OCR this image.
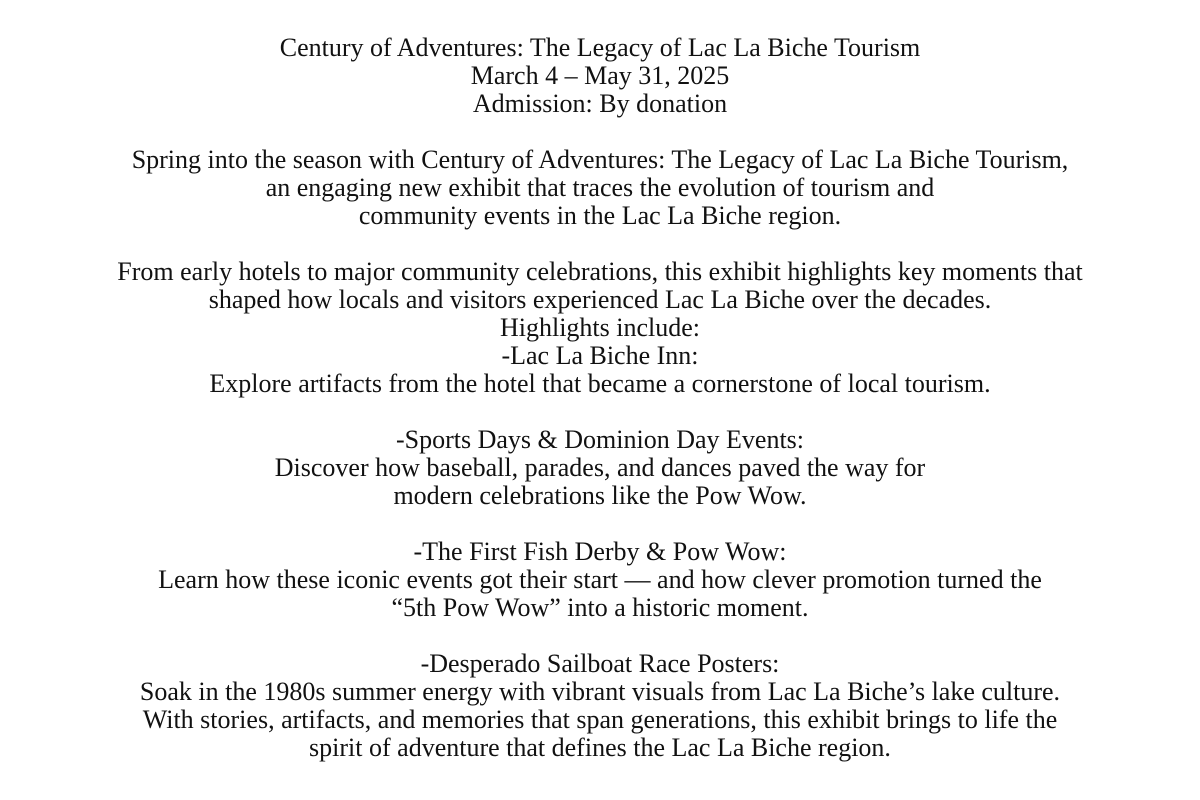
Century of Adventures: The Legacy of Lac La Biche Tourism
March 4 – May 31, 2025
Admission: By donation
Spring into the season with Century of Adventures: The Legacy of Lac La Biche Tourism,
an engaging new exhibit that traces the evolution of tourism and
community events in the Lac La Biche region.
From early hotels to major community celebrations, this exhibit highlights key moments that
shaped how locals and visitors experienced Lac La Biche over the decades.
Highlights include:
-Lac La Biche Inn:
Explore artifacts from the hotel that became a cornerstone of local tourism.
-Sports Days & Dominion Day Events:
Discover how baseball, parades, and dances paved the way for
modern celebrations like the Pow Wow.
-The First Fish Derby & Pow Wow:
Learn how these iconic events got their start — and how clever promotion turned the
“5th Pow Wow” into a historic moment.
-Desperado Sailboat Race Posters:
Soak in the 1980s summer energy with vibrant visuals from Lac La Biche’s lake culture.
With stories, artifacts, and memories that span generations, this exhibit brings to life the
spirit of adventure that defines the Lac La Biche region.
